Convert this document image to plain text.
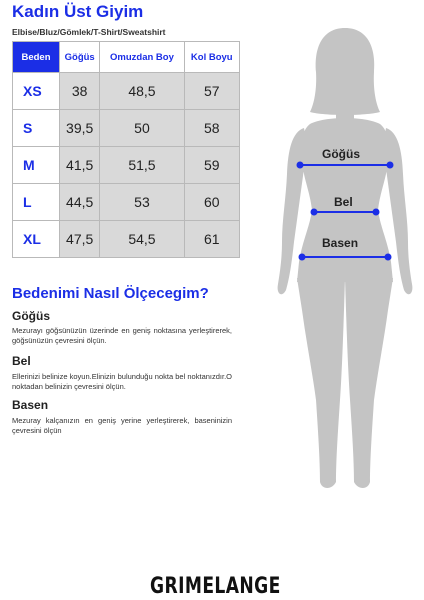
Kadın Üst Giyim
Elbise/Bluz/Gömlek/T-Shirt/Sweatshirt
Beden	Göğüs	Omuzdan Boy	Kol Boyu
XS	38	48,5	57
S	39,5	50	58
M	41,5	51,5	59
L	44,5	53	60
XL	47,5	54,5	61
Bedenimi Nasıl Ölçecegim?
Göğüs
Mezurayı göğsünüzün üzerinde en geniş noktasına yerleştirerek, göğsünüzün çevresini ölçün.
Bel
Ellerinizi belinize koyun.Elinizin bulunduğu nokta bel noktanızdır.O noktadan belinizin çevresini ölçün.
Basen
Mezuray kalçanızın en geniş yerine yerleştirerek, baseninizin çevresini ölçün
Göğüs
Bel
Basen
GRIMELANGE
